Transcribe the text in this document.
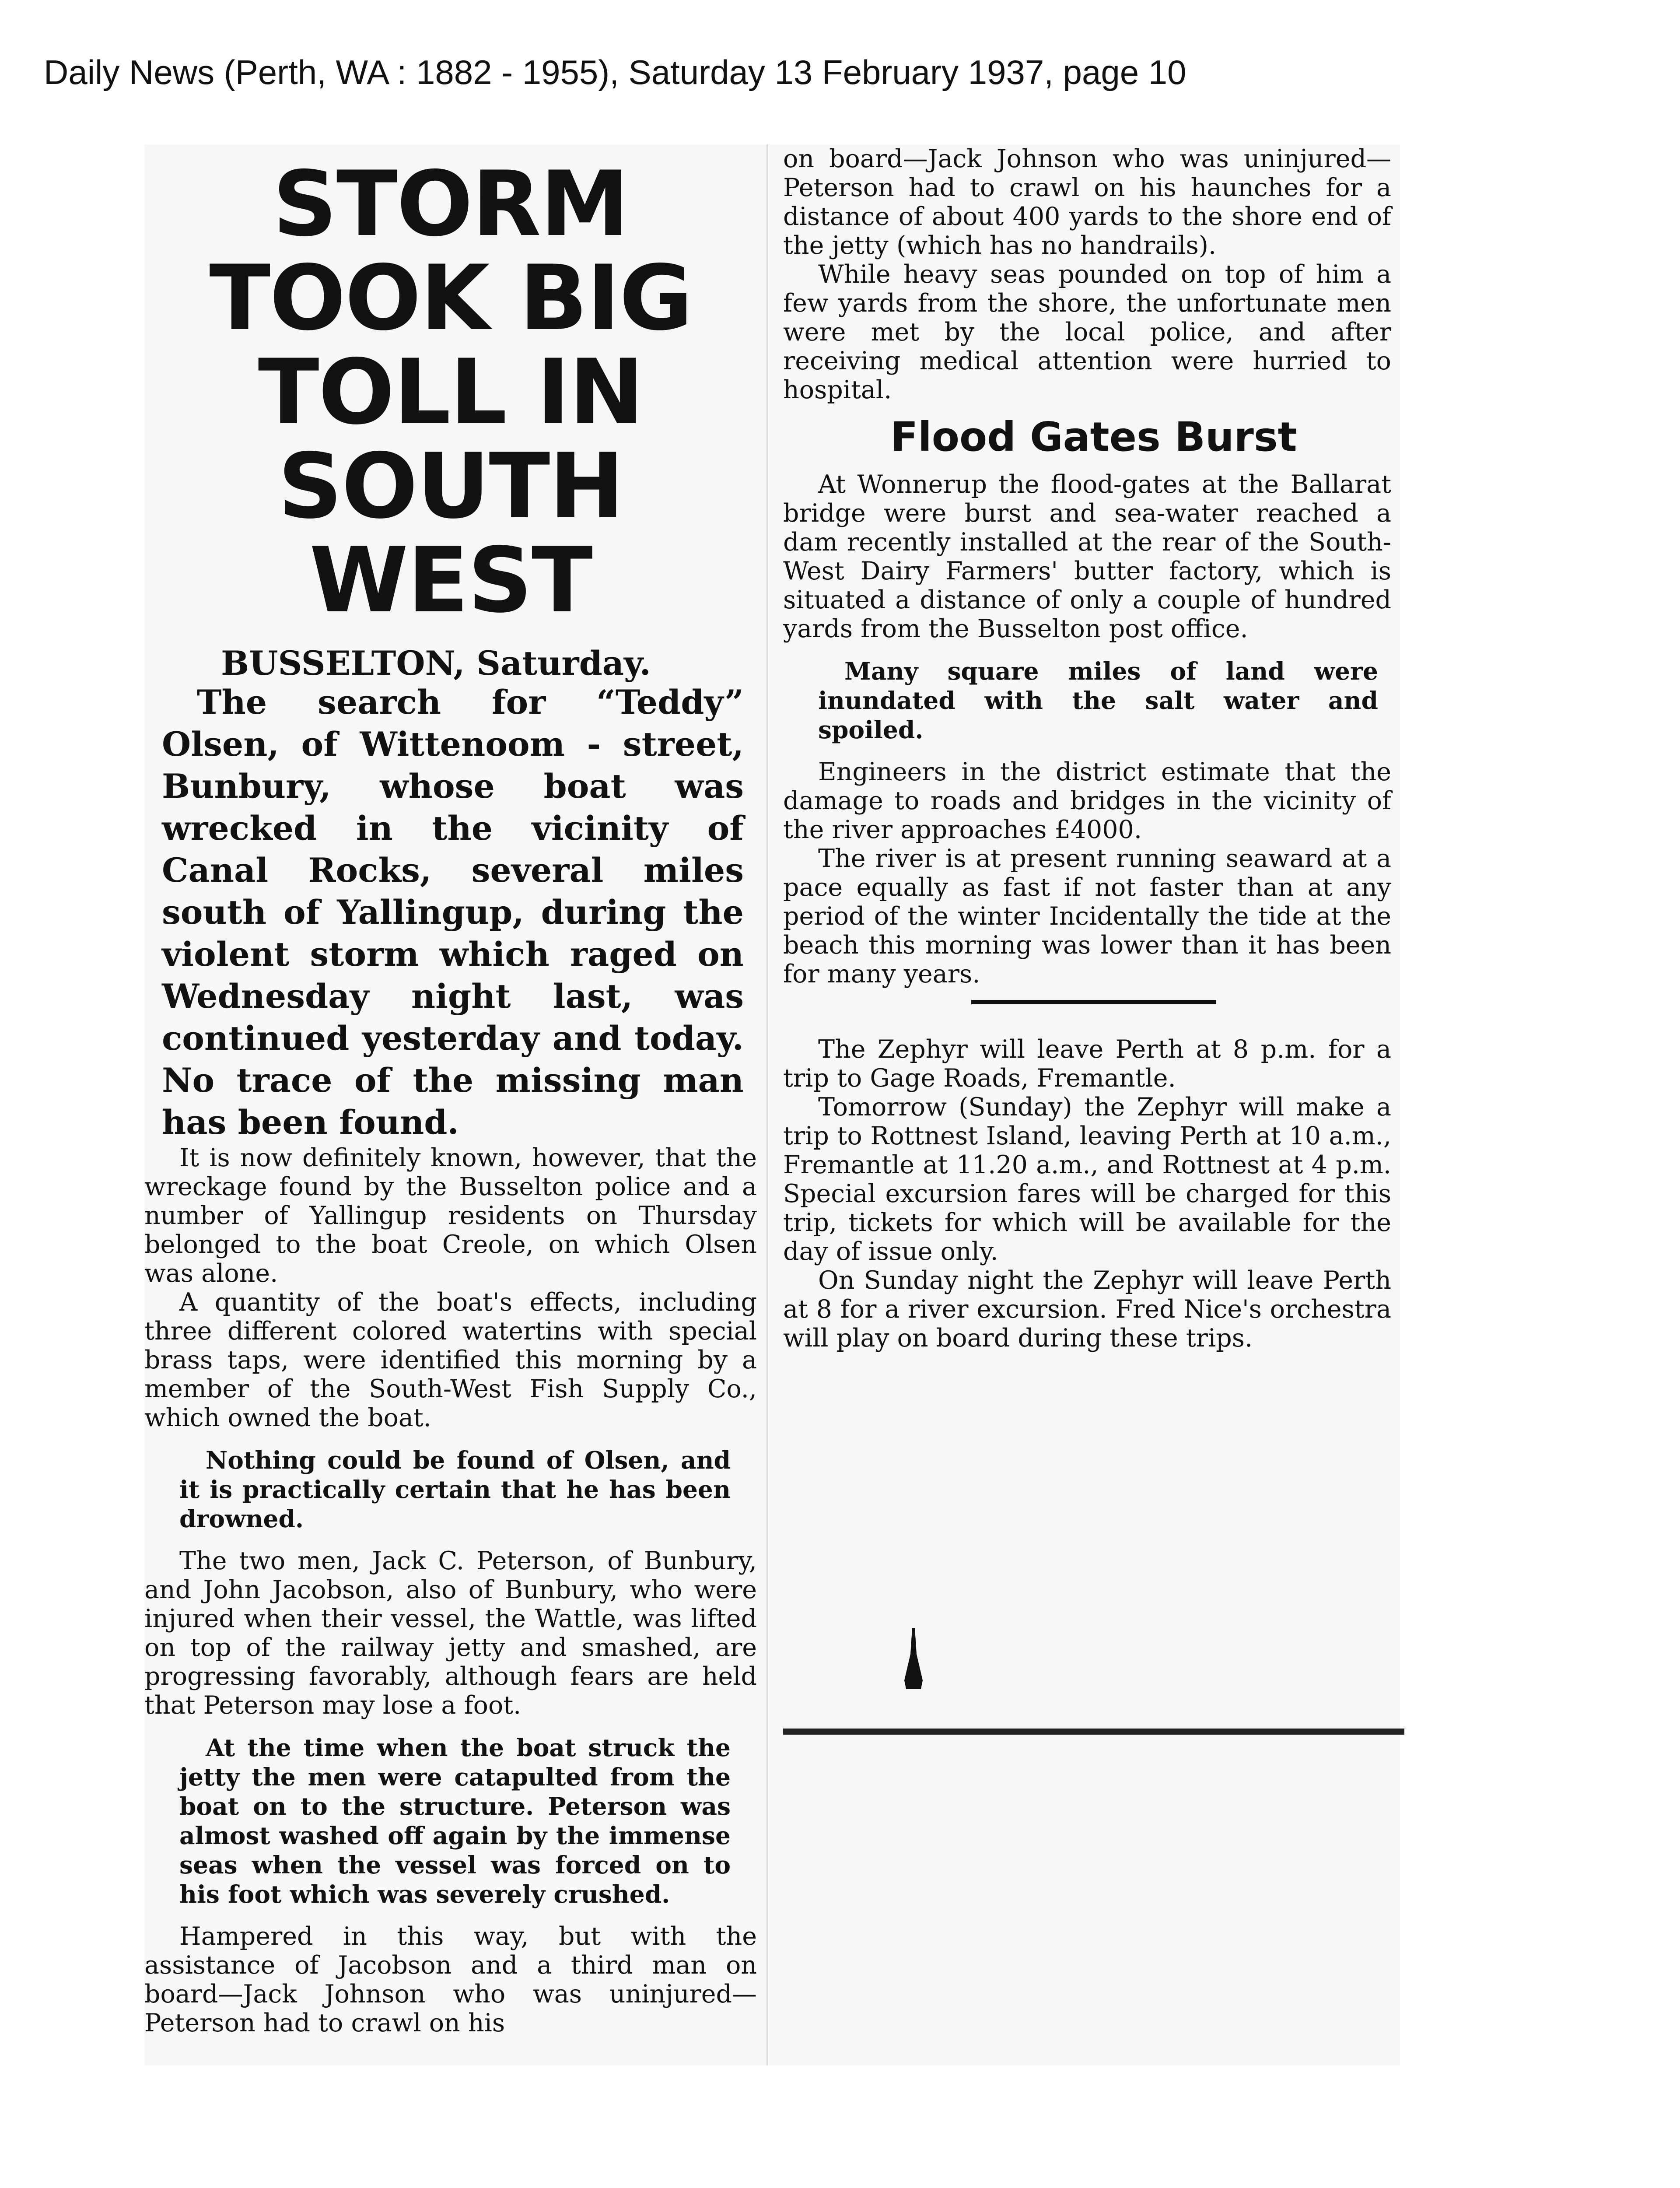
Daily News (Perth, WA : 1882 - 1955), Saturday 13 February 1937, page 10
STORM
TOOK BIG
TOLL IN
SOUTH WEST
BUSSELTON, Saturday.

The search for “Teddy” Olsen, of Wittenoom - street, Bunbury, whose boat was wrecked in the vicinity of Canal Rocks, several miles south of Yallingup, during the violent storm which raged on Wednesday night last, was continued yesterday and today. No trace of the missing man has been found.

It is now definitely known, however, that the wreckage found by the Busselton police and a number of Yallingup residents on Thursday belonged to the boat Creole, on which Olsen was alone.

A quantity of the boat's effects, including three different colored watertins with special brass taps, were identified this morning by a member of the South-West Fish Supply Co., which owned the boat.

Nothing could be found of Olsen, and it is practically certain that he has been drowned.

The two men, Jack C. Peterson, of Bunbury, and John Jacobson, also of Bunbury, who were injured when their vessel, the Wattle, was lifted on top of the railway jetty and smashed, are progressing favorably, although fears are held that Peterson may lose a foot.

At the time when the boat struck the jetty the men were catapulted from the boat on to the structure. Peterson was almost washed off again by the immense seas when the vessel was forced on to his foot which was severely crushed.

Hampered in this way, but with the assistance of Jacobson and a third man on board—Jack Johnson who was uninjured—Peterson had to crawl on his

on board—Jack Johnson who was uninjured—Peterson had to crawl on his haunches for a distance of about 400 yards to the shore end of the jetty (which has no handrails).

While heavy seas pounded on top of him a few yards from the shore, the unfortunate men were met by the local police, and after receiving medical attention were hurried to hospital.

Flood Gates Burst

At Wonnerup the flood-gates at the Ballarat bridge were burst and sea-water reached a dam recently installed at the rear of the South-West Dairy Farmers' butter factory, which is situated a distance of only a couple of hundred yards from the Busselton post office.

Many square miles of land were inundated with the salt water and spoiled.

Engineers in the district estimate that the damage to roads and bridges in the vicinity of the river approaches £4000.

The river is at present running seaward at a pace equally as fast if not faster than at any period of the winter Incidentally the tide at the beach this morning was lower than it has been for many years.

The Zephyr will leave Perth at 8 p.m. for a trip to Gage Roads, Fremantle.

Tomorrow (Sunday) the Zephyr will make a trip to Rottnest Island, leaving Perth at 10 a.m., Fremantle at 11.20 a.m., and Rottnest at 4 p.m. Special excursion fares will be charged for this trip, tickets for which will be available for the day of issue only.

On Sunday night the Zephyr will leave Perth at 8 for a river excursion. Fred Nice's orchestra will play on board during these trips.
